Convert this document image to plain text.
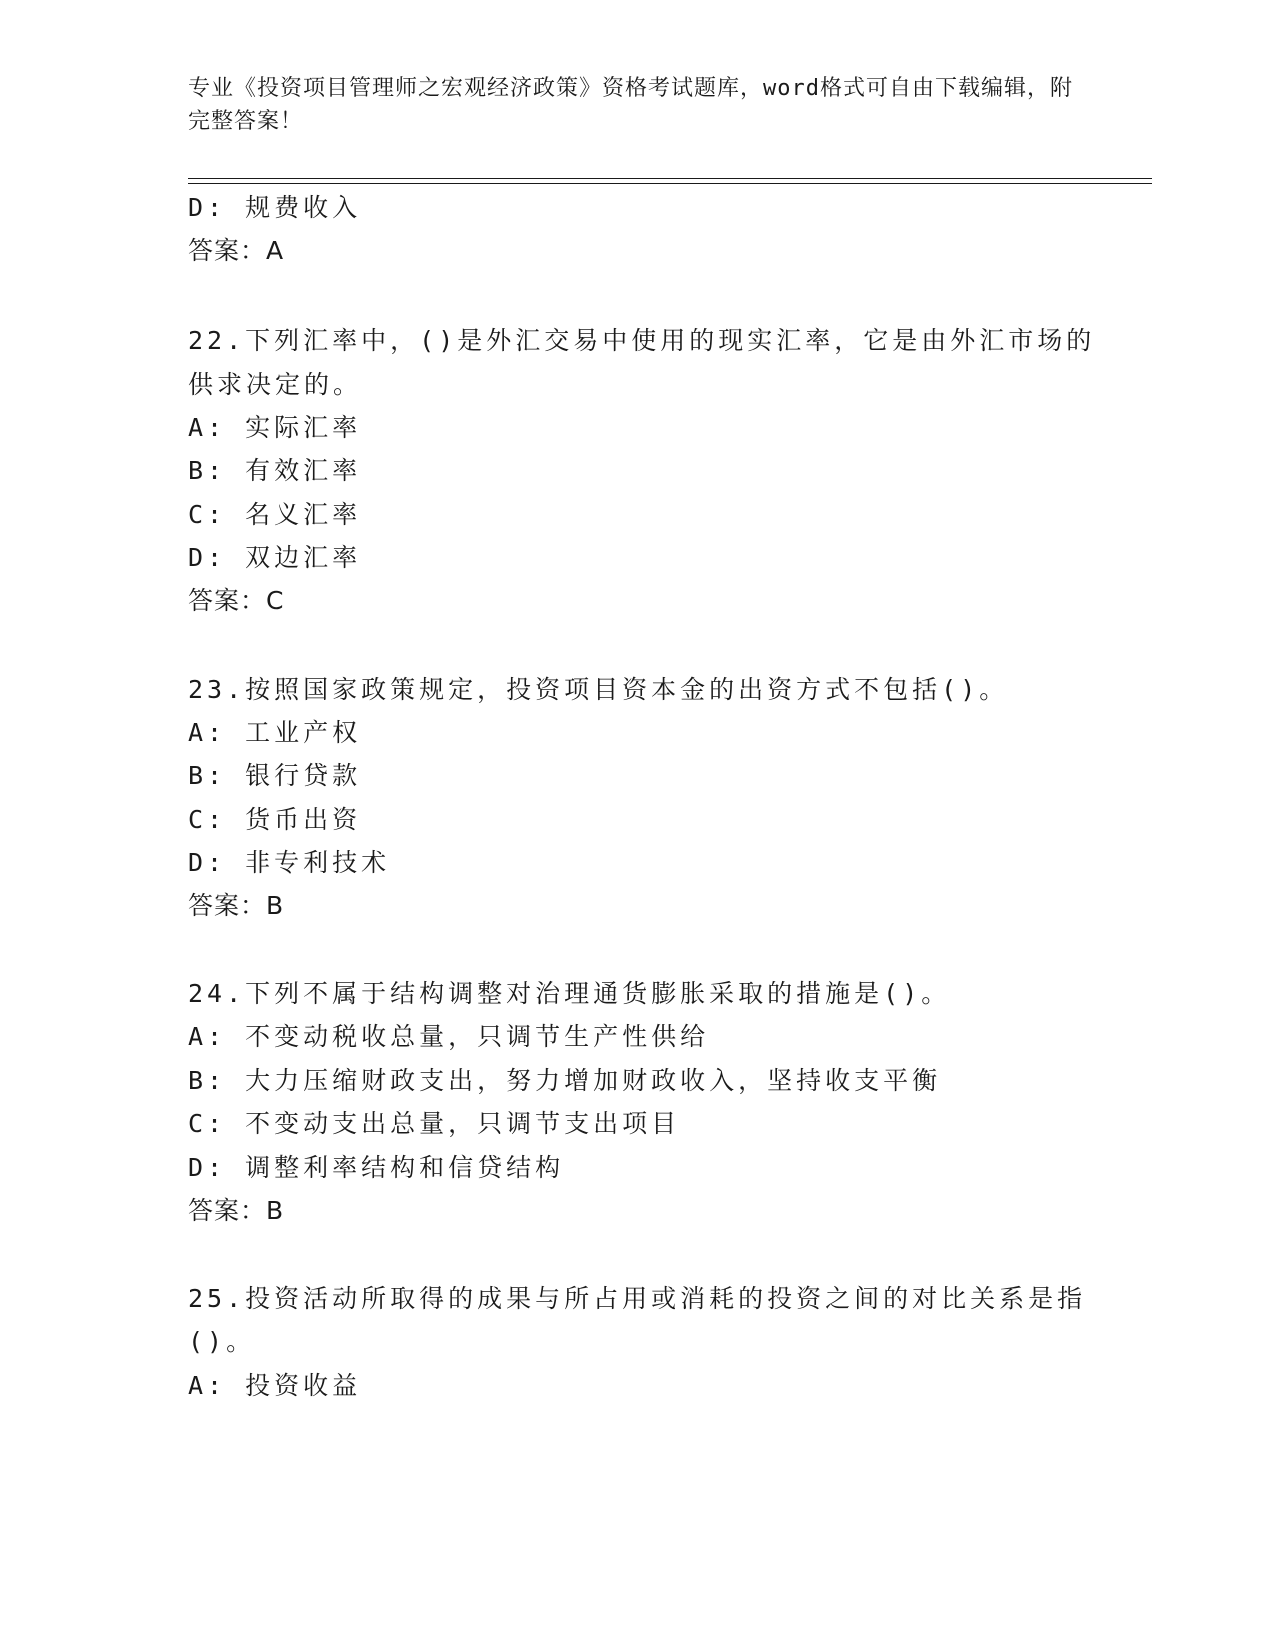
专业《投资项目管理师之宏观经济政策》资格考试题库，word格式可自由下载编辑，附完整答案！
D: 规费收入
答案：A
22.下列汇率中，()是外汇交易中使用的现实汇率，它是由外汇市场的
供求决定的。
A: 实际汇率
B: 有效汇率
C: 名义汇率
D: 双边汇率
答案：C
23.按照国家政策规定，投资项目资本金的出资方式不包括()。
A: 工业产权
B: 银行贷款
C: 货币出资
D: 非专利技术
答案：B
24.下列不属于结构调整对治理通货膨胀采取的措施是()。
A: 不变动税收总量，只调节生产性供给
B: 大力压缩财政支出，努力增加财政收入，坚持收支平衡
C: 不变动支出总量，只调节支出项目
D: 调整利率结构和信贷结构
答案：B
25.投资活动所取得的成果与所占用或消耗的投资之间的对比关系是指
()。
A: 投资收益
